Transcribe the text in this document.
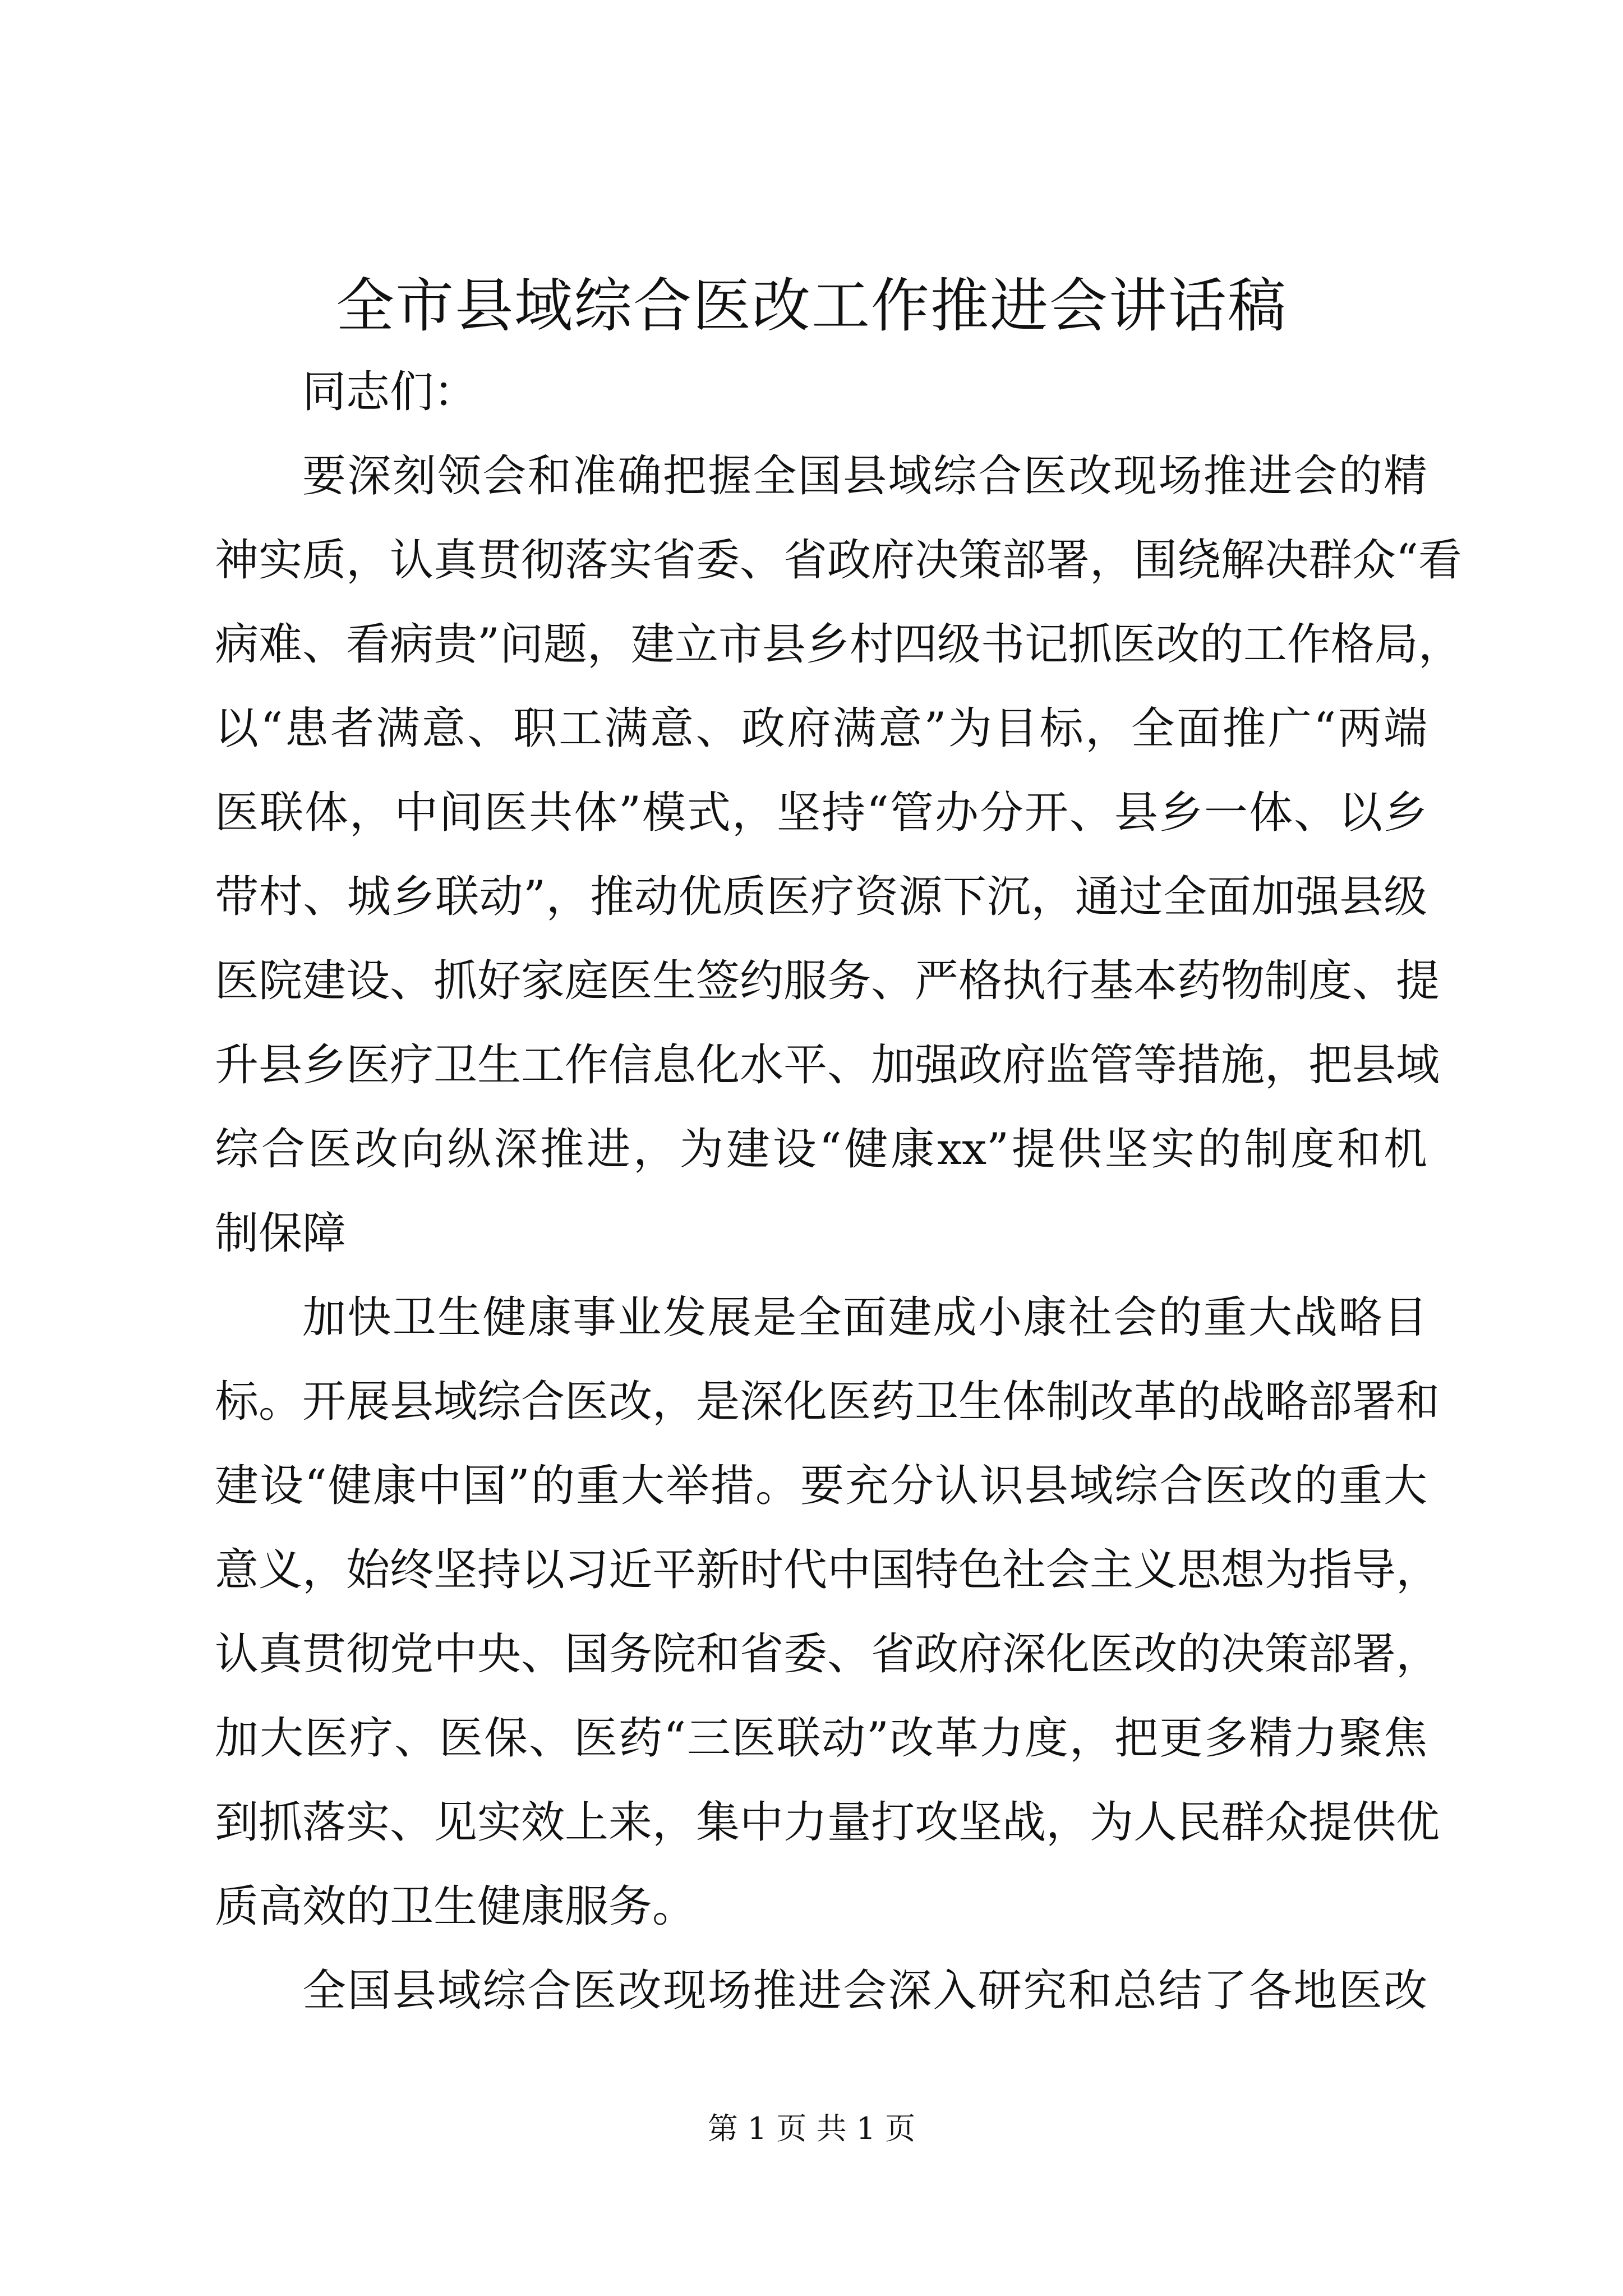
全市县域综合医改工作推进会讲话稿
同志们：
要深刻领会和准确把握全国县域综合医改现场推进会的精
神实质，认真贯彻落实省委、省政府决策部署，围绕解决群众“看
病难、看病贵”问题，建立市县乡村四级书记抓医改的工作格局，
以“患者满意、职工满意、政府满意”为目标，全面推广“两端
医联体，中间医共体”模式，坚持“管办分开、县乡一体、以乡
带村、城乡联动”，推动优质医疗资源下沉，通过全面加强县级
医院建设、抓好家庭医生签约服务、严格执行基本药物制度、提
升县乡医疗卫生工作信息化水平、加强政府监管等措施，把县域
综合医改向纵深推进，为建设“健康xx”提供坚实的制度和机
制保障
加快卫生健康事业发展是全面建成小康社会的重大战略目
标。开展县域综合医改，是深化医药卫生体制改革的战略部署和
建设“健康中国”的重大举措。要充分认识县域综合医改的重大
意义，始终坚持以习近平新时代中国特色社会主义思想为指导，
认真贯彻党中央、国务院和省委、省政府深化医改的决策部署，
加大医疗、医保、医药“三医联动”改革力度，把更多精力聚焦
到抓落实、见实效上来，集中力量打攻坚战，为人民群众提供优
质高效的卫生健康服务。
全国县域综合医改现场推进会深入研究和总结了各地医改
第 1 页 共 1 页
